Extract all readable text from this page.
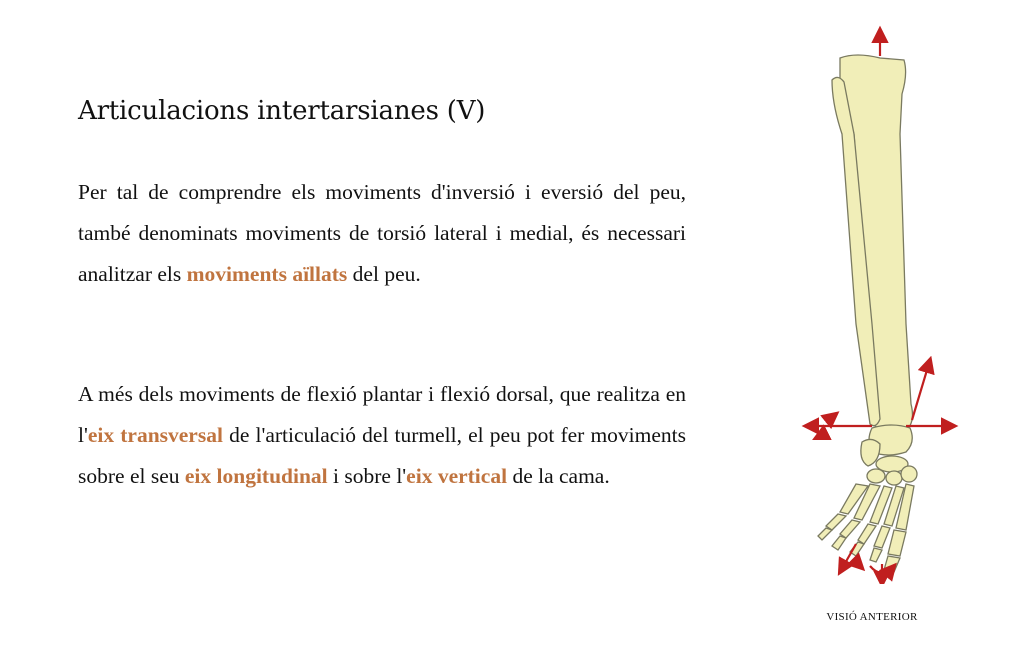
Articulacions intertarsianes (V)

Per tal de comprendre els moviments d'inversió i eversió del peu, també denominats moviments de torsió lateral i medial, és necessari analitzar els moviments aïllats del peu.

A més dels moviments de flexió plantar i flexió dorsal, que realitza en l'eix transversal de l'articulació del turmell, el peu pot fer moviments sobre el seu eix longitudinal i sobre l'eix vertical de la cama.

VISIÓ ANTERIOR
